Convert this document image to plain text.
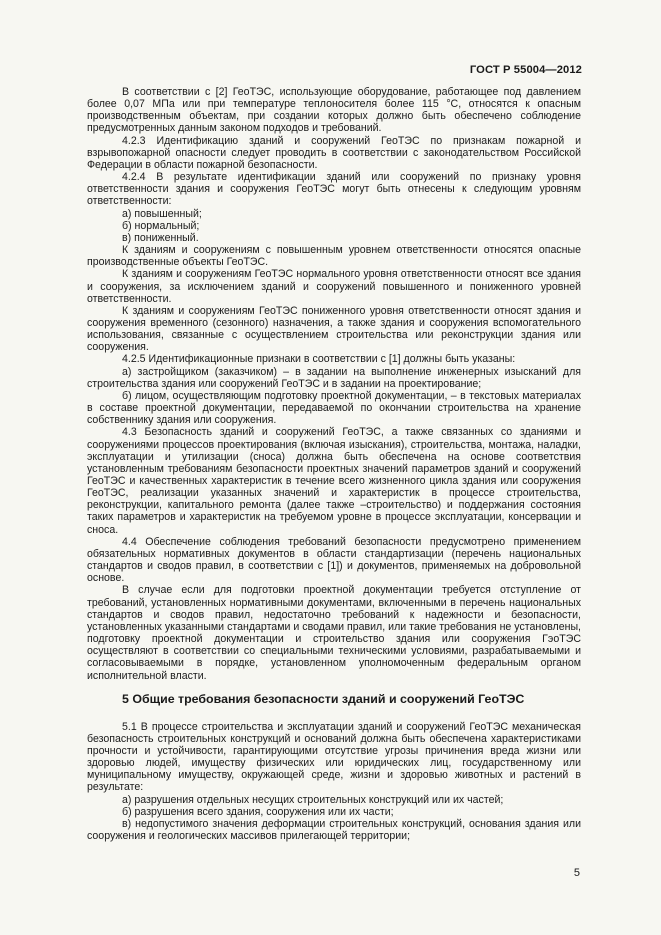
ГОСТ Р 55004—2012

В соответствии с [2] ГеоТЭС, использующие оборудование, работающее под давлением более 0,07 МПа или при температуре теплоносителя более 115 °С, относятся к опасным производственным объектам, при создании которых должно быть обеспечено соблюдение предусмотренных данным законом подходов и требований.

4.2.3 Идентификацию зданий и сооружений ГеоТЭС по признакам пожарной и взрывопожарной опасности следует проводить в соответствии с законодательством Российской Федерации в области пожарной безопасности.

4.2.4 В результате идентификации зданий или сооружений по признаку уровня ответственности здания и сооружения ГеоТЭС могут быть отнесены к следующим уровням ответственности:

а) повышенный;

б) нормальный;

в) пониженный.

К зданиям и сооружениям с повышенным уровнем ответственности относятся опасные производственные объекты ГеоТЭС.

К зданиям и сооружениям ГеоТЭС нормального уровня ответственности относят все здания и сооружения, за исключением зданий и сооружений повышенного и пониженного уровней ответственности.

К зданиям и сооружениям ГеоТЭС пониженного уровня ответственности относят здания и сооружения временного (сезонного) назначения, а также здания и сооружения вспомогательного использования, связанные с осуществлением строительства или реконструкции здания или сооружения.

4.2.5 Идентификационные признаки в соответствии с [1] должны быть указаны:

а) застройщиком (заказчиком) – в задании на выполнение инженерных изысканий для строительства здания или сооружений ГеоТЭС и в задании на проектирование;

б) лицом, осуществляющим подготовку проектной документации, – в текстовых материалах в составе проектной документации, передаваемой по окончании строительства на хранение собственнику здания или сооружения.

4.3 Безопасность зданий и сооружений ГеоТЭС, а также связанных со зданиями и сооружениями процессов проектирования (включая изыскания), строительства, монтажа, наладки, эксплуатации и утилизации (сноса) должна быть обеспечена на основе соответствия установленным требованиям безопасности проектных значений параметров зданий и сооружений ГеоТЭС и качественных характеристик в течение всего жизненного цикла здания или сооружения ГеоТЭС, реализации указанных значений и характеристик в процессе строительства, реконструкции, капитального ремонта (далее также –строительство) и поддержания состояния таких параметров и характеристик на требуемом уровне в процессе эксплуатации, консервации и сноса.

4.4 Обеспечение соблюдения требований безопасности предусмотрено применением обязательных нормативных документов в области стандартизации (перечень национальных стандартов и сводов правил, в соответствии с [1]) и документов, применяемых на добровольной основе.

В случае если для подготовки проектной документации требуется отступление от требований, установленных нормативными документами, включенными в перечень национальных стандартов и сводов правил, недостаточно требований к надежности и безопасности, установленных указанными стандартами и сводами правил, или такие требования не установлены, подготовку проектной документации и строительство здания или сооружения ГэоТЭС осуществляют в соответствии со специальными техническими условиями, разрабатываемыми и согласовываемыми в порядке, установленном уполномоченным федеральным органом исполнительной власти.

5 Общие требования безопасности зданий и сооружений ГеоТЭС

5.1 В процессе строительства и эксплуатации зданий и сооружений ГеоТЭС механическая безопасность строительных конструкций и оснований должна быть обеспечена характеристиками прочности и устойчивости, гарантирующими отсутствие угрозы причинения вреда жизни или здоровью людей, имуществу физических или юридических лиц, государственному или муниципальному имуществу, окружающей среде, жизни и здоровью животных и растений в результате:

а) разрушения отдельных несущих строительных конструкций или их частей;

б) разрушения всего здания, сооружения или их части;

в) недопустимого значения деформации строительных конструкций, основания здания или сооружения и геологических массивов прилегающей территории;

5
